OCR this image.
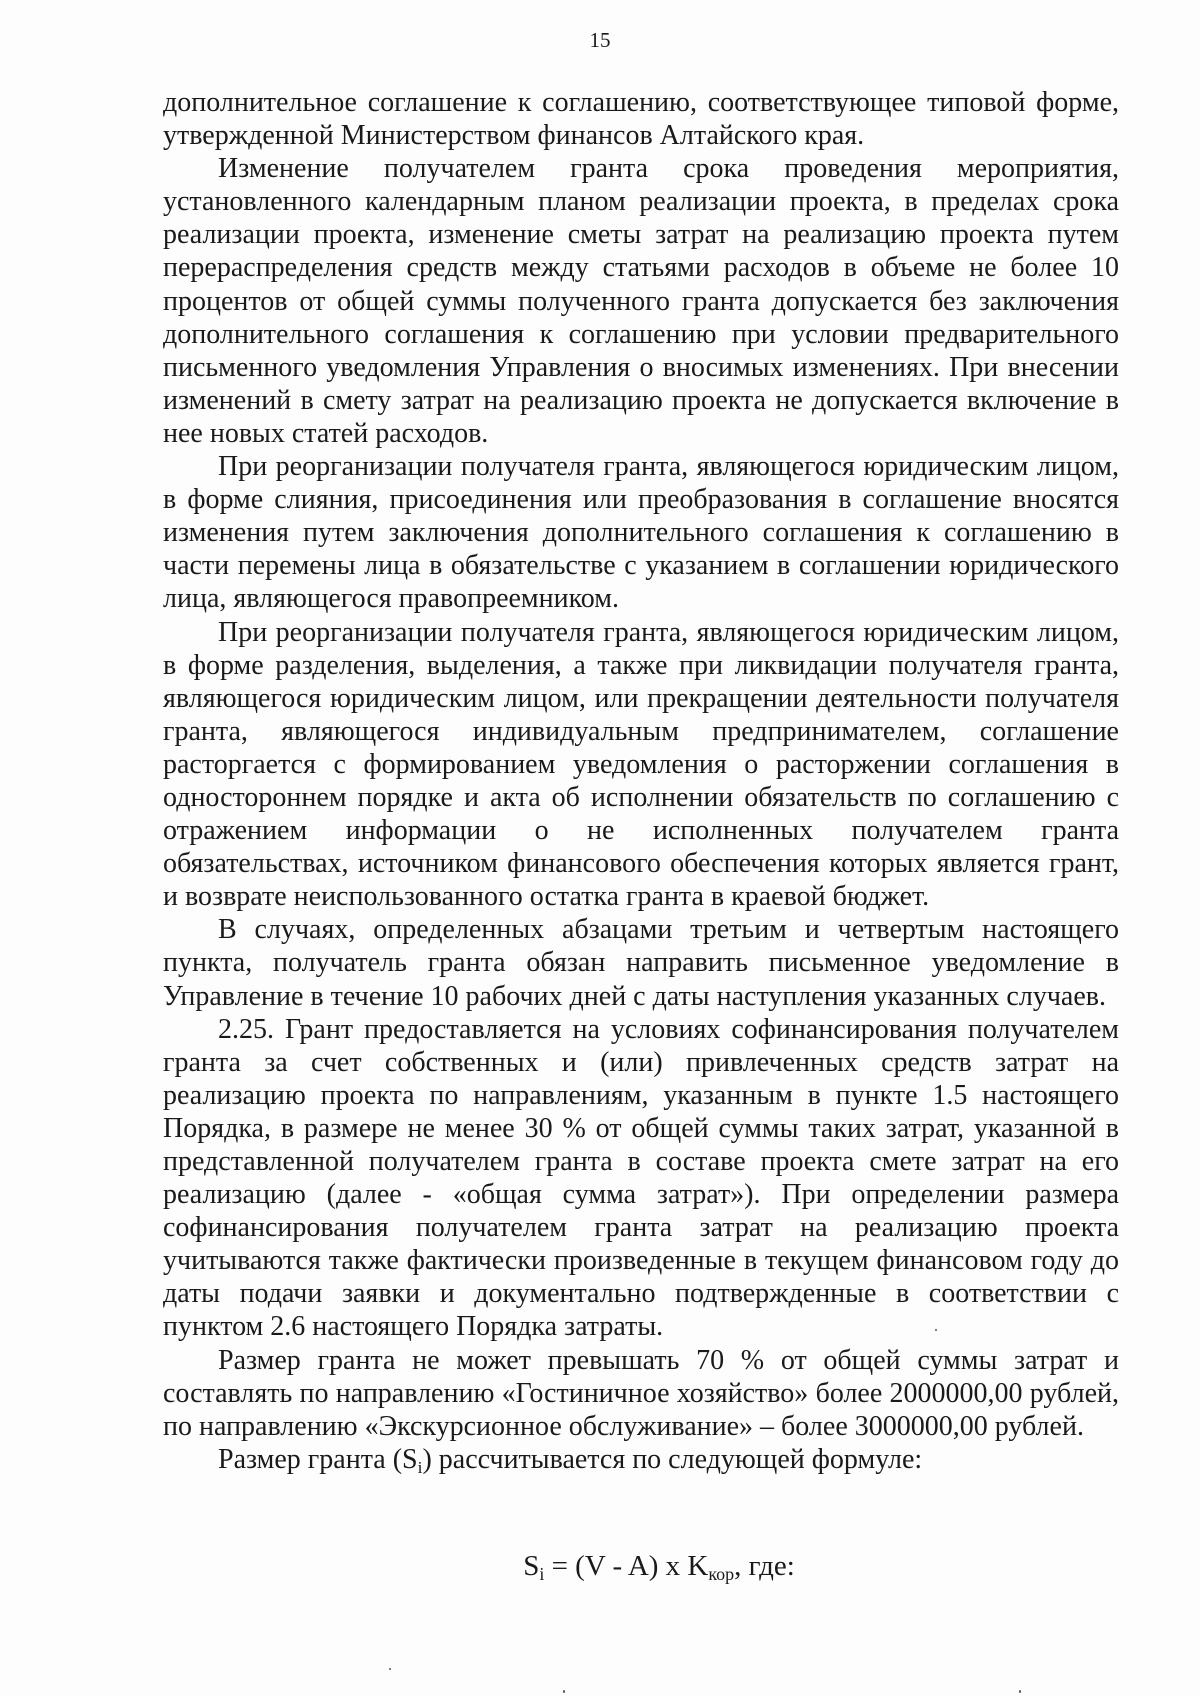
15

дополнительное соглашение к соглашению, соответствующее типовой форме, утвержденной Министерством финансов Алтайского края.

Изменение получателем гранта срока проведения мероприятия, установленного календарным планом реализации проекта, в пределах срока реализации проекта, изменение сметы затрат на реализацию проекта путем перераспределения средств между статьями расходов в объеме не более 10 процентов от общей суммы полученного гранта допускается без заключения дополнительного соглашения к соглашению при условии предварительного письменного уведомления Управления о вносимых изменениях. При внесении изменений в смету затрат на реализацию проекта не допускается включение в нее новых статей расходов.

При реорганизации получателя гранта, являющегося юридическим лицом, в форме слияния, присоединения или преобразования в соглашение вносятся изменения путем заключения дополнительного соглашения к соглашению в части перемены лица в обязательстве с указанием в соглашении юридического лица, являющегося правопреемником.

При реорганизации получателя гранта, являющегося юридическим лицом, в форме разделения, выделения, а также при ликвидации получателя гранта, являющегося юридическим лицом, или прекращении деятельности получателя гранта, являющегося индивидуальным предпринимателем, соглашение расторгается с формированием уведомления о расторжении соглашения в одностороннем порядке и акта об исполнении обязательств по соглашению с отражением информации о не исполненных получателем гранта обязательствах, источником финансового обеспечения которых является грант, и возврате неиспользованного остатка гранта в краевой бюджет.

В случаях, определенных абзацами третьим и четвертым настоящего пункта, получатель гранта обязан направить письменное уведомление в Управление в течение 10 рабочих дней с даты наступления указанных случаев.

2.25. Грант предоставляется на условиях софинансирования получателем гранта за счет собственных и (или) привлеченных средств затрат на реализацию проекта по направлениям, указанным в пункте 1.5 настоящего Порядка, в размере не менее 30 % от общей суммы таких затрат, указанной в представленной получателем гранта в составе проекта смете затрат на его реализацию (далее - «общая сумма затрат»). При определении размера софинансирования получателем гранта затрат на реализацию проекта учитываются также фактически произведенные в текущем финансовом году до даты подачи заявки и документально подтвержденные в соответствии с пунктом 2.6 настоящего Порядка затраты.

Размер гранта не может превышать 70 % от общей суммы затрат и составлять по направлению «Гостиничное хозяйство» более 2000000,00 рублей, по направлению «Экскурсионное обслуживание» – более 3000000,00 рублей.

Размер гранта $(S_i)$ рассчитывается по следующей формуле:

$S_i = (V - A)$ x $K_{кор}$, где:
